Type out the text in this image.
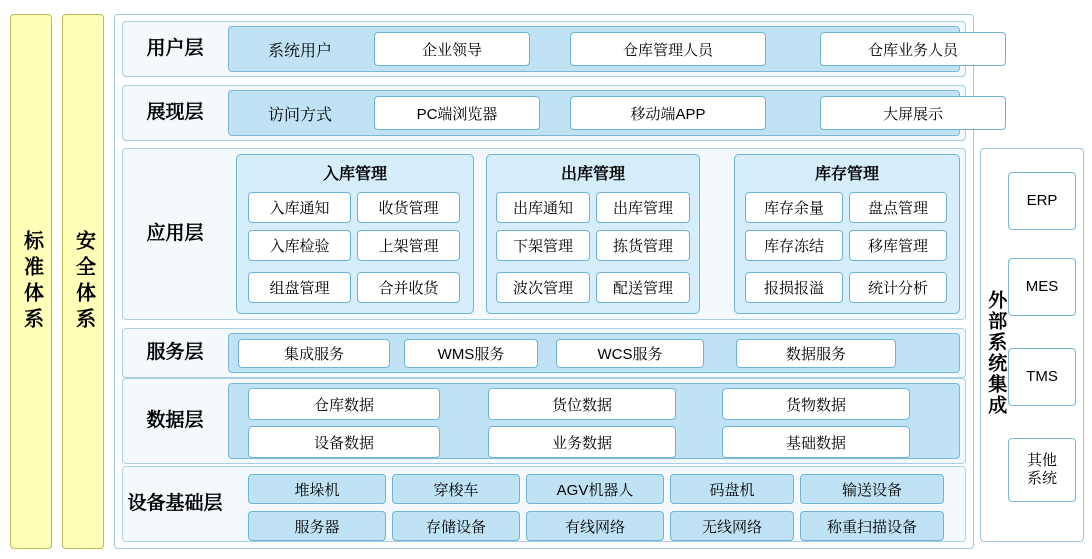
标准体系 安全体系
用户层	系统用户	企业领导	仓库管理人员	仓库业务人员
展现层	访问方式	PC端浏览器	移动端APP	大屏展示
应用层
入库管理
入库通知	收货管理
入库检验	上架管理
组盘管理	合并收货
出库管理
出库通知	出库管理
下架管理	拣货管理
波次管理	配送管理
库存管理
库存余量	盘点管理
库存冻结	移库管理
报损报溢	统计分析
服务层	集成服务	WMS服务	WCS服务	数据服务
数据层
仓库数据	货位数据	货物数据
设备数据	业务数据	基础数据
设备基础层
堆垛机	穿梭车	AGV机器人	码盘机	输送设备
服务器	存储设备	有线网络	无线网络	称重扫描设备
外部系统集成
ERP
MES
TMS
其他系统
